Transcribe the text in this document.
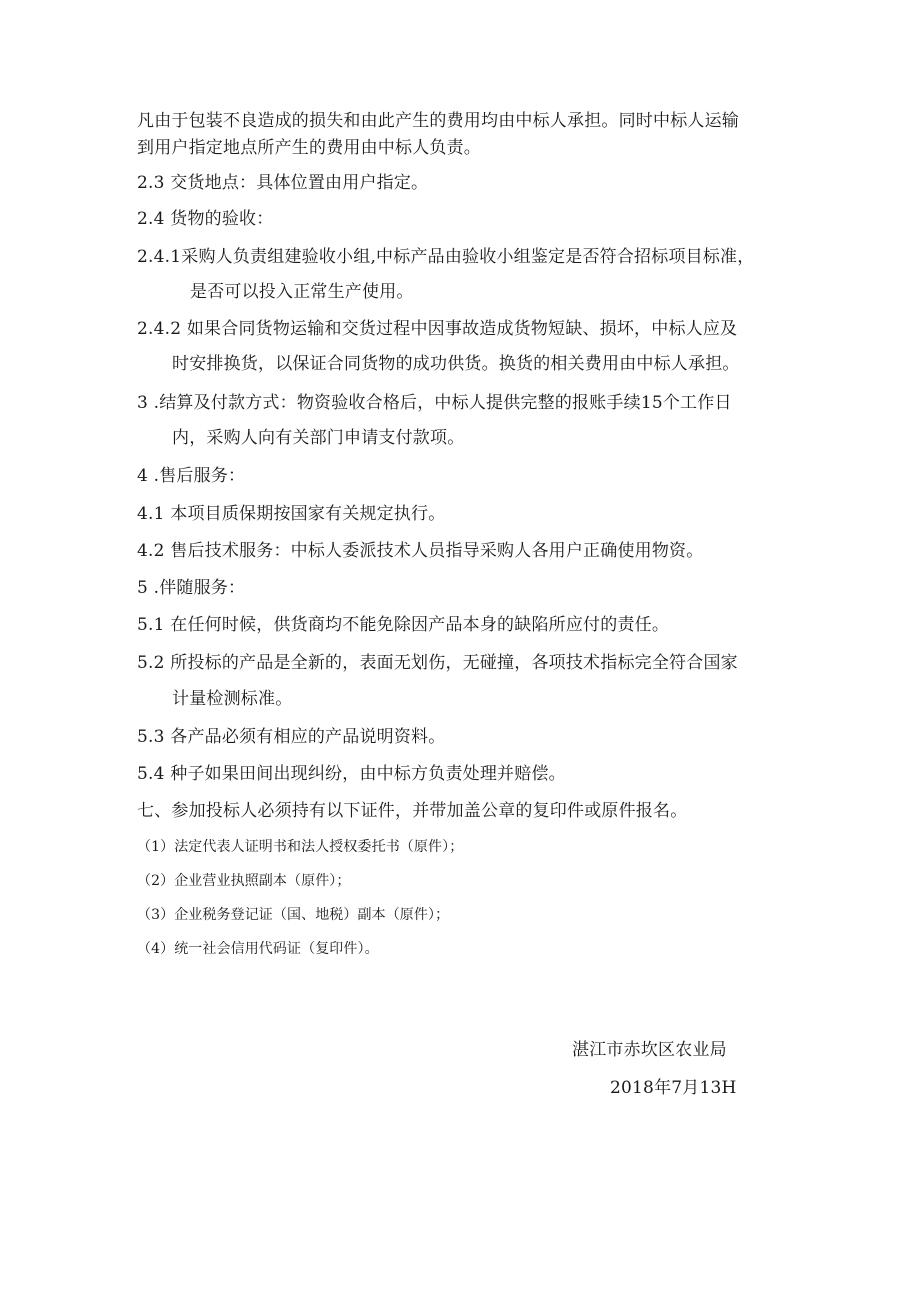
凡由于包装不良造成的损失和由此产生的费用均由中标人承担。同时中标人运输
到用户指定地点所产生的费用由中标人负责。
2.3 交货地点：具体位置由用户指定。
2.4 货物的验收：
2.4.1采购人负责组建验收小组,中标产品由验收小组鉴定是否符合招标项目标准，
是否可以投入正常生产使用。
2.4.2 如果合同货物运输和交货过程中因事故造成货物短缺、损坏，中标人应及
时安排换货，以保证合同货物的成功供货。换货的相关费用由中标人承担。
3 .结算及付款方式：物资验收合格后，中标人提供完整的报账手续15个工作日
内，采购人向有关部门申请支付款项。
4 .售后服务：
4.1 本项目质保期按国家有关规定执行。
4.2 售后技术服务：中标人委派技术人员指导采购人各用户正确使用物资。
5 .伴随服务：
5.1 在任何时候，供货商均不能免除因产品本身的缺陷所应付的责任。
5.2 所投标的产品是全新的，表面无划伤，无碰撞，各项技术指标完全符合国家
计量检测标准。
5.3 各产品必须有相应的产品说明资料。
5.4 种子如果田间出现纠纷，由中标方负责处理并赔偿。
七、参加投标人必须持有以下证件，并带加盖公章的复印件或原件报名。
（1）法定代表人证明书和法人授权委托书（原件）；
（2）企业营业执照副本（原件）；
（3）企业税务登记证（国、地税）副本（原件）；
（4）统一社会信用代码证（复印件）。
湛江市赤坎区农业局
2018年7月13H
